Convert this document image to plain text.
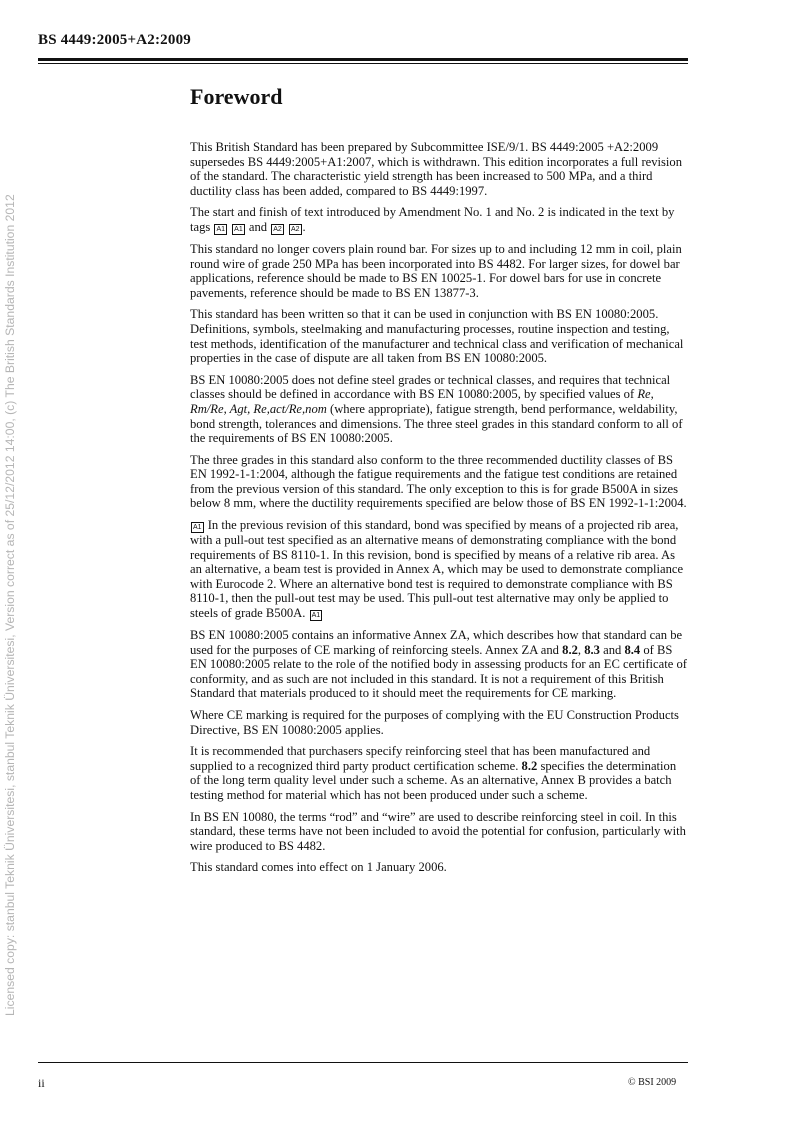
BS 4449:2005+A2:2009
Licensed copy: stanbul Teknik Üniversitesi, stanbul Teknik Üniversitesi, Version correct as of 25/12/2012 14:00, (c) The British Standards Institution 2012
Foreword

This British Standard has been prepared by Subcommittee ISE/9/1. BS 4449:2005 +A2:2009 supersedes BS 4449:2005+A1:2007, which is withdrawn. This edition incorporates a full revision of the standard. The characteristic yield strength has been increased to 500 MPa, and a third ductility class has been added, compared to BS 4449:1997.

The start and finish of text introduced by Amendment No. 1 and No. 2 is indicated in the text by tags A1 A1 and A2 A2 .

This standard no longer covers plain round bar. For sizes up to and including 12 mm in coil, plain round wire of grade 250 MPa has been incorporated into BS 4482. For larger sizes, for dowel bar applications, reference should be made to BS EN 10025-1. For dowel bars for use in concrete pavements, reference should be made to BS EN 13877-3.

This standard has been written so that it can be used in conjunction with BS EN 10080:2005. Definitions, symbols, steelmaking and manufacturing processes, routine inspection and testing, test methods, identification of the manufacturer and technical class and verification of mechanical properties in the case of dispute are all taken from BS EN 10080:2005.

BS EN 10080:2005 does not define steel grades or technical classes, and requires that technical classes should be defined in accordance with BS EN 10080:2005, by specified values of Re, Rm/Re, Agt, Re,act/Re,nom (where appropriate), fatigue strength, bend performance, weldability, bond strength, tolerances and dimensions. The three steel grades in this standard conform to all of the requirements of BS EN 10080:2005.

The three grades in this standard also conform to the three recommended ductility classes of BS EN 1992-1-1:2004, although the fatigue requirements and the fatigue test conditions are retained from the previous version of this standard. The only exception to this is for grade B500A in sizes below 8 mm, where the ductility requirements specified are below those of BS EN 1992-1-1:2004.

A1 In the previous revision of this standard, bond was specified by means of a projected rib area, with a pull-out test specified as an alternative means of demonstrating compliance with the bond requirements of BS 8110-1. In this revision, bond is specified by means of a relative rib area. As an alternative, a beam test is provided in Annex A, which may be used to demonstrate compliance with Eurocode 2. Where an alternative bond test is required to demonstrate compliance with BS 8110-1, then the pull-out test may be used. This pull-out test alternative may only be applied to steels of grade B500A. A1

BS EN 10080:2005 contains an informative Annex ZA, which describes how that standard can be used for the purposes of CE marking of reinforcing steels. Annex ZA and 8.2, 8.3 and 8.4 of BS EN 10080:2005 relate to the role of the notified body in assessing products for an EC certificate of conformity, and as such are not included in this standard. It is not a requirement of this British Standard that materials produced to it should meet the requirements for CE marking.

Where CE marking is required for the purposes of complying with the EU Construction Products Directive, BS EN 10080:2005 applies.

It is recommended that purchasers specify reinforcing steel that has been manufactured and supplied to a recognized third party product certification scheme. 8.2 specifies the determination of the long term quality level under such a scheme. As an alternative, Annex B provides a batch testing method for material which has not been produced under such a scheme.

In BS EN 10080, the terms “rod” and “wire” are used to describe reinforcing steel in coil. In this standard, these terms have not been included to avoid the potential for confusion, particularly with wire produced to BS 4482.

This standard comes into effect on 1 January 2006.

ii	© BSI 2009
